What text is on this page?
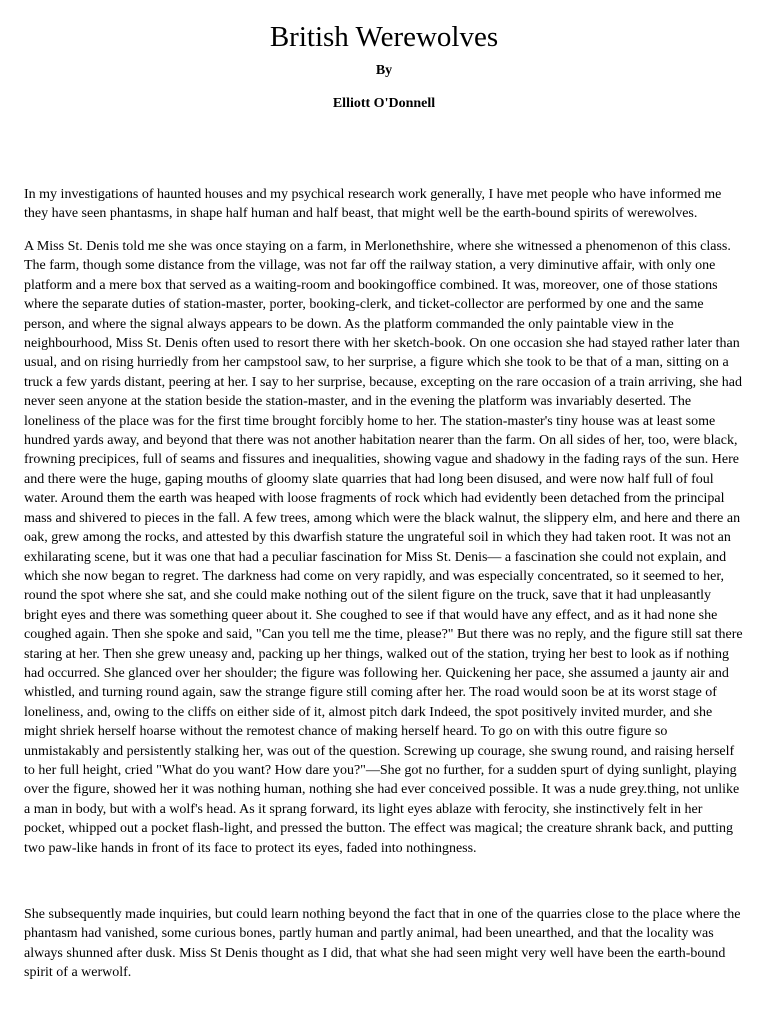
British Werewolves
By
Elliott O'Donnell

In my investigations of haunted houses and my psychical research work generally, I have met people who have informed me they have seen phantasms, in shape half human and half beast, that might well be the earth-bound spirits of werewolves.

A Miss St. Denis told me she was once staying on a farm, in Merlonethshire, where she witnessed a phenomenon of this class. The farm, though some distance from the village, was not far off the railway station, a very diminutive affair, with only one platform and a mere box that served as a waiting-room and bookingoffice combined. It was, moreover, one of those stations where the separate duties of station-master, porter, booking-clerk, and ticket-collector are performed by one and the same person, and where the signal always appears to be down. As the platform commanded the only paintable view in the neighbourhood, Miss St. Denis often used to resort there with her sketch-book. On one occasion she had stayed rather later than usual, and on rising hurriedly from her campstool saw, to her surprise, a figure which she took to be that of a man, sitting on a truck a few yards distant, peering at her. I say to her surprise, because, excepting on the rare occasion of a train arriving, she had never seen anyone at the station beside the station-master, and in the evening the platform was invariably deserted. The loneliness of the place was for the first time brought forcibly home to her. The station-master's tiny house was at least some hundred yards away, and beyond that there was not another habitation nearer than the farm. On all sides of her, too, were black, frowning precipices, full of seams and fissures and inequalities, showing vague and shadowy in the fading rays of the sun. Here and there were the huge, gaping mouths of gloomy slate quarries that had long been disused, and were now half full of foul water. Around them the earth was heaped with loose fragments of rock which had evidently been detached from the principal mass and shivered to pieces in the fall. A few trees, among which were the black walnut, the slippery elm, and here and there an oak, grew among the rocks, and attested by this dwarfish stature the ungrateful soil in which they had taken root. It was not an exhilarating scene, but it was one that had a peculiar fascination for Miss St. Denis— a fascination she could not explain, and which she now began to regret. The darkness had come on very rapidly, and was especially concentrated, so it seemed to her, round the spot where she sat, and she could make nothing out of the silent figure on the truck, save that it had unpleasantly bright eyes and there was something queer about it. She coughed to see if that would have any effect, and as it had none she coughed again. Then she spoke and said, "Can you tell me the time, please?" But there was no reply, and the figure still sat there staring at her. Then she grew uneasy and, packing up her things, walked out of the station, trying her best to look as if nothing had occurred. She glanced over her shoulder; the figure was following her. Quickening her pace, she assumed a jaunty air and whistled, and turning round again, saw the strange figure still coming after her. The road would soon be at its worst stage of loneliness, and, owing to the cliffs on either side of it, almost pitch dark Indeed, the spot positively invited murder, and she might shriek herself hoarse without the remotest chance of making herself heard. To go on with this outre figure so unmistakably and persistently stalking her, was out of the question. Screwing up courage, she swung round, and raising herself to her full height, cried "What do you want? How dare you?"—She got no further, for a sudden spurt of dying sunlight, playing over the figure, showed her it was nothing human, nothing she had ever conceived possible. It was a nude grey.thing, not unlike a man in body, but with a wolf's head. As it sprang forward, its light eyes ablaze with ferocity, she instinctively felt in her pocket, whipped out a pocket flash-light, and pressed the button. The effect was magical; the creature shrank back, and putting two paw-like hands in front of its face to protect its eyes, faded into nothingness.

She subsequently made inquiries, but could learn nothing beyond the fact that in one of the quarries close to the place where the phantasm had vanished, some curious bones, partly human and partly animal, had been unearthed, and that the locality was always shunned after dusk. Miss St Denis thought as I did, that what she had seen might very well have been the earth-bound spirit of a werwolf.
